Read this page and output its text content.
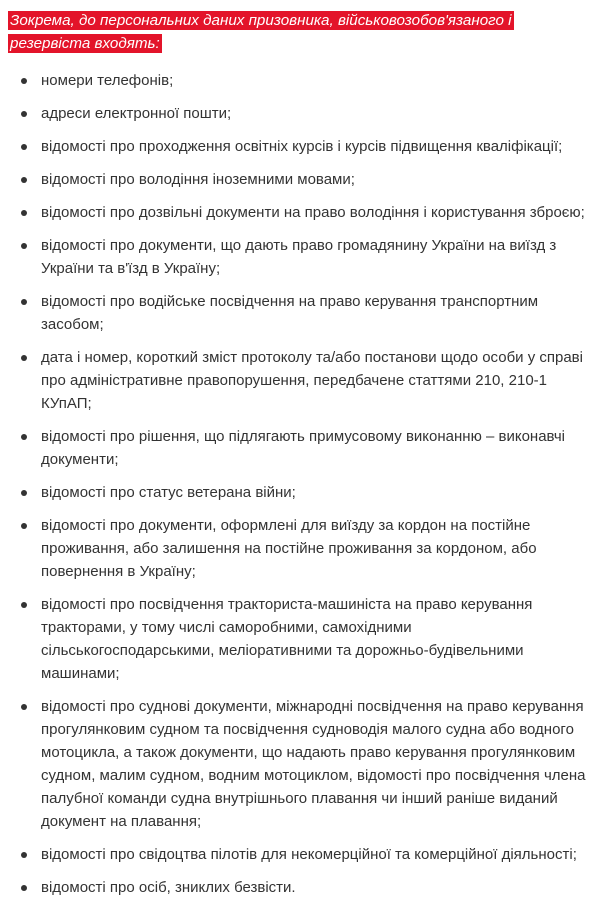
Зокрема, до персональних даних призовника, військовозобов'язаного і резервіста входять:

номери телефонів;
адреси електронної пошти;
відомості про проходження освітніх курсів і курсів підвищення кваліфікації;
відомості про володіння іноземними мовами;
відомості про дозвільні документи на право володіння і користування зброєю;
відомості про документи, що дають право громадянину України на виїзд з України та в'їзд в Україну;
відомості про водійське посвідчення на право керування транспортним засобом;
дата і номер, короткий зміст протоколу та/або постанови щодо особи у справі про адміністративне правопорушення, передбачене статтями 210, 210-1 КУпАП;
відомості про рішення, що підлягають примусовому виконанню – виконавчі документи;
відомості про статус ветерана війни;
відомості про документи, оформлені для виїзду за кордон на постійне проживання, або залишення на постійне проживання за кордоном, або повернення в Україну;
відомості про посвідчення тракториста-машиніста на право керування тракторами, у тому числі саморобними, самохідними сільськогосподарськими, меліоративними та дорожньо-будівельними машинами;
відомості про суднові документи, міжнародні посвідчення на право керування прогулянковим судном та посвідчення судноводія малого судна або водного мотоцикла, а також документи, що надають право керування прогулянковим судном, малим судном, водним мотоциклом, відомості про посвідчення члена палубної команди судна внутрішнього плавання чи інший раніше виданий документ на плавання;
відомості про свідоцтва пілотів для некомерційної та комерційної діяльності;
відомості про осіб, зниклих безвісти.
